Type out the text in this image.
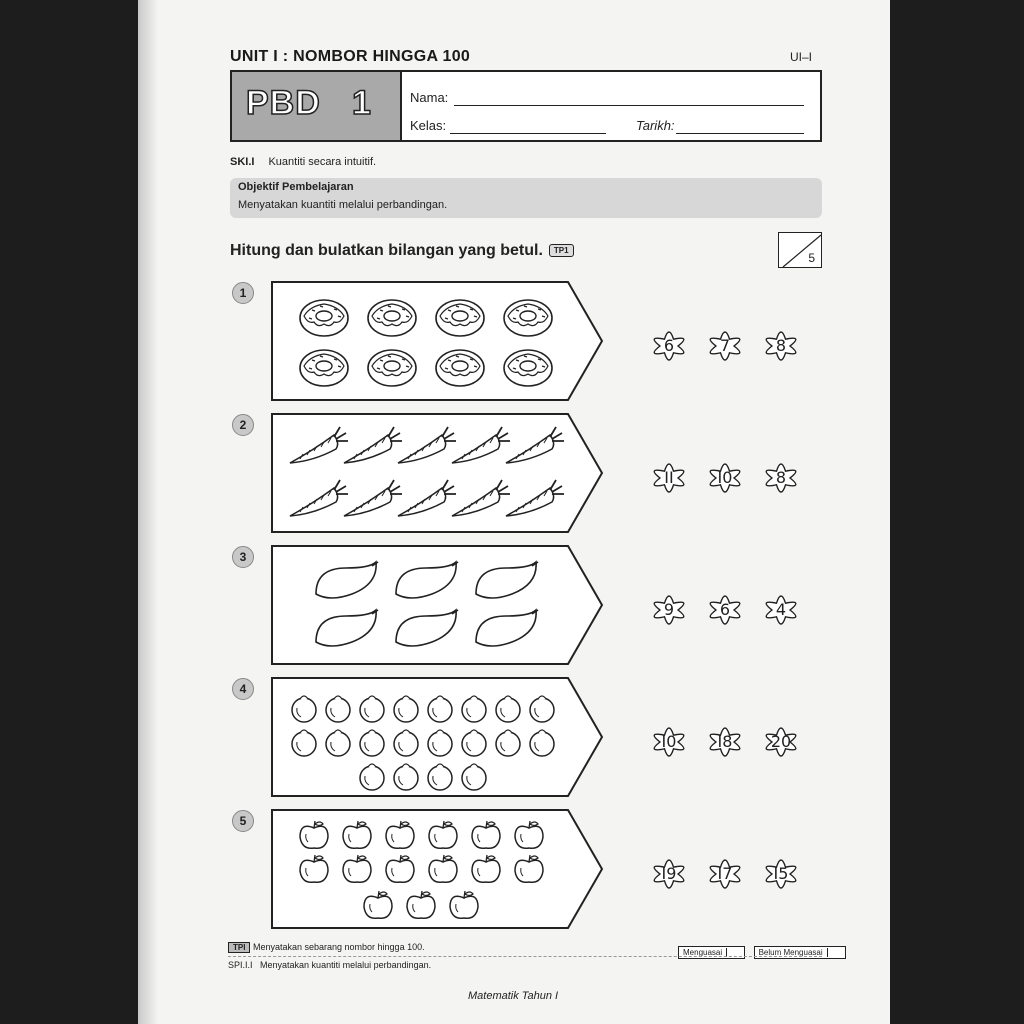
UNIT I : NOMBOR HINGGA 100	UI–I
PBD 1	Nama:
Kelas:	Tarikh:
SKI.I Kuantiti secara intuitif.
Objektif Pembelajaran
Menyatakan kuantiti melalui perbandingan.
Hitung dan bulatkan bilangan yang betul. TP1
5

1
6	7	8
2
II	I0	8
3
9	6	4
4
I0	I8	20
5
I9	I7	I5
TPI Menyatakan sebarang nombor hingga 100.
Menguasai	Belum Menguasai
SPI.I.I Menyatakan kuantiti melalui perbandingan.
Matematik Tahun I
